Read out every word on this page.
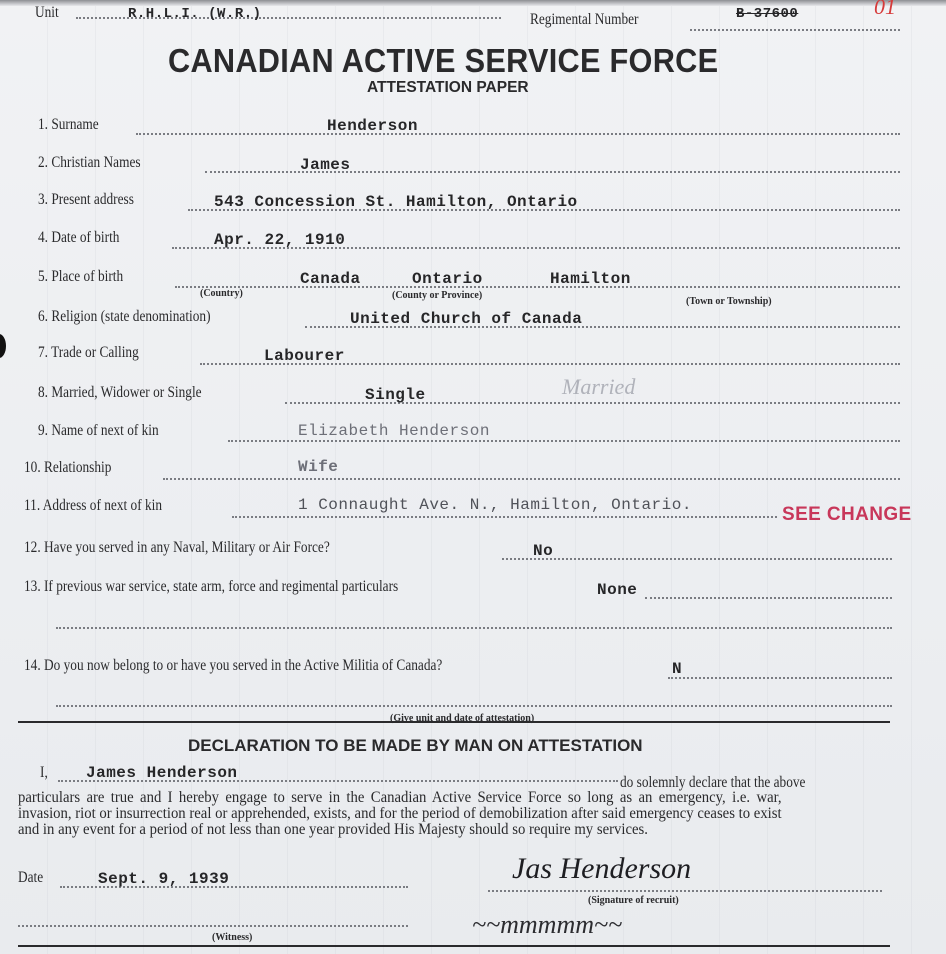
Unit	R.H.L.I. (W.R.)	Regimental Number	B-37600	01
CANADIAN ACTIVE SERVICE FORCE
ATTESTATION PAPER
1. Surname	Henderson
2. Christian Names	James
3. Present address	543 Concession St. Hamilton, Ontario
4. Date of birth	Apr. 22, 1910
5. Place of birth	Canada	Ontario	Hamilton
(Country)	(County or Province)
(Town or Township)
6. Religion (state denomination)	United Church of Canada
7. Trade or Calling	Labourer
8. Married, Widower or Single	Single	Married
9. Name of next of kin	Elizabeth Henderson
10. Relationship	Wife
11. Address of next of kin	1 Connaught Ave. N., Hamilton, Ontario.	SEE CHANGE
12. Have you served in any Naval, Military or Air Force?	No
13. If previous war service, state arm, force and regimental particulars	None
14. Do you now belong to or have you served in the Active Militia of Canada?	N
(Give unit and date of attestation)
DECLARATION TO BE MADE BY MAN ON ATTESTATION
I, James Henderson
do solemnly declare that the above
particulars are true and I hereby engage to serve in the Canadian Active Service Force so long as an emergency, i.e. war, invasion, riot or insurrection real or apprehended, exists, and for the period of demobilization after said emergency ceases to exist and in any event for a period of not less than one year provided His Majesty should so require my services.
Date	Sept. 9, 1939	Jas Henderson
(Signature of recruit)
(Witness)	~~mmmmm~~
